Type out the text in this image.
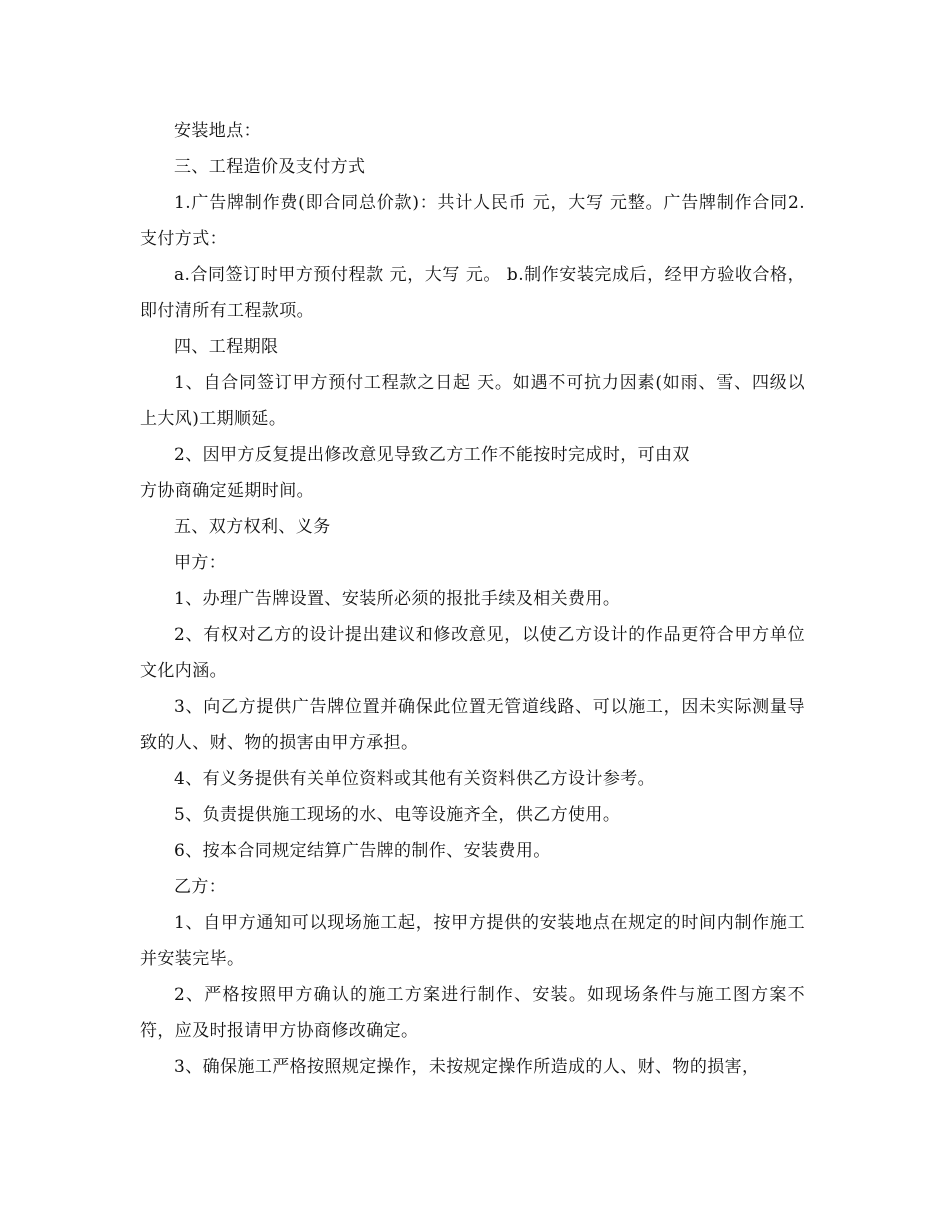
安装地点：

三、工程造价及支付方式

1.广告牌制作费(即合同总价款)：共计人民币 元，大写 元整。广告牌制作合同2.支付方式：

a.合同签订时甲方预付程款 元，大写 元。 b.制作安装完成后，经甲方验收合格，即付清所有工程款项。

四、工程期限

1、自合同签订甲方预付工程款之日起 天。如遇不可抗力因素(如雨、雪、四级以上大风)工期顺延。

2、因甲方反复提出修改意见导致乙方工作不能按时完成时，可由双

方协商确定延期时间。

五、双方权利、义务

甲方：

1、办理广告牌设置、安装所必须的报批手续及相关费用。

2、有权对乙方的设计提出建议和修改意见，以使乙方设计的作品更符合甲方单位文化内涵。

3、向乙方提供广告牌位置并确保此位置无管道线路、可以施工，因未实际测量导致的人、财、物的损害由甲方承担。

4、有义务提供有关单位资料或其他有关资料供乙方设计参考。

5、负责提供施工现场的水、电等设施齐全，供乙方使用。

6、按本合同规定结算广告牌的制作、安装费用。

乙方：

1、自甲方通知可以现场施工起，按甲方提供的安装地点在规定的时间内制作施工并安装完毕。

2、严格按照甲方确认的施工方案进行制作、安装。如现场条件与施工图方案不符，应及时报请甲方协商修改确定。

3、确保施工严格按照规定操作，未按规定操作所造成的人、财、物的损害，
